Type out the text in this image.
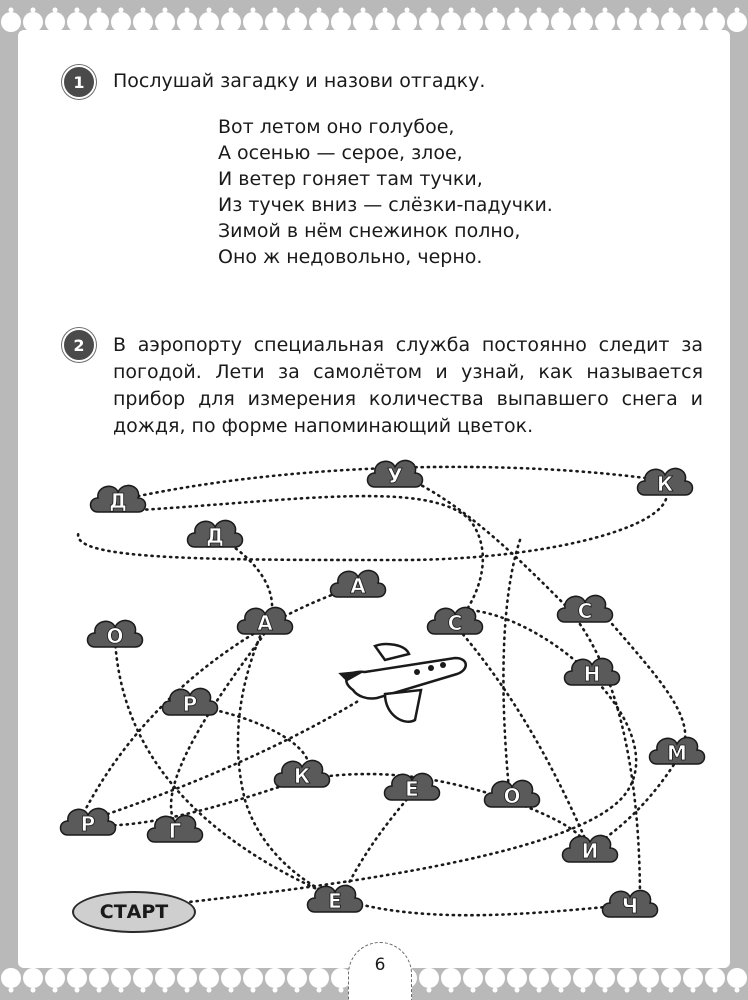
1	Послушай загадку и назови отгадку.
Вот летом оно голубое,
А осенью — серое, злое,
И ветер гоняет там тучки,
Из тучек вниз — слёзки-падучки.
Зимой в нём снежинок полно,
Оно ж недовольно, черно.
2	В аэропорту специальная служба постоянно следит за погодой. Лети за самолётом и узнай, как называется прибор для измерения количества выпавшего снега и дождя, по форме напоминающий цветок.
Д
Д
У	К
А
О
А	С	С
Н
Р
М
К
Е	О
Р	Г
И
Е	Ч
СТАРТ
6
